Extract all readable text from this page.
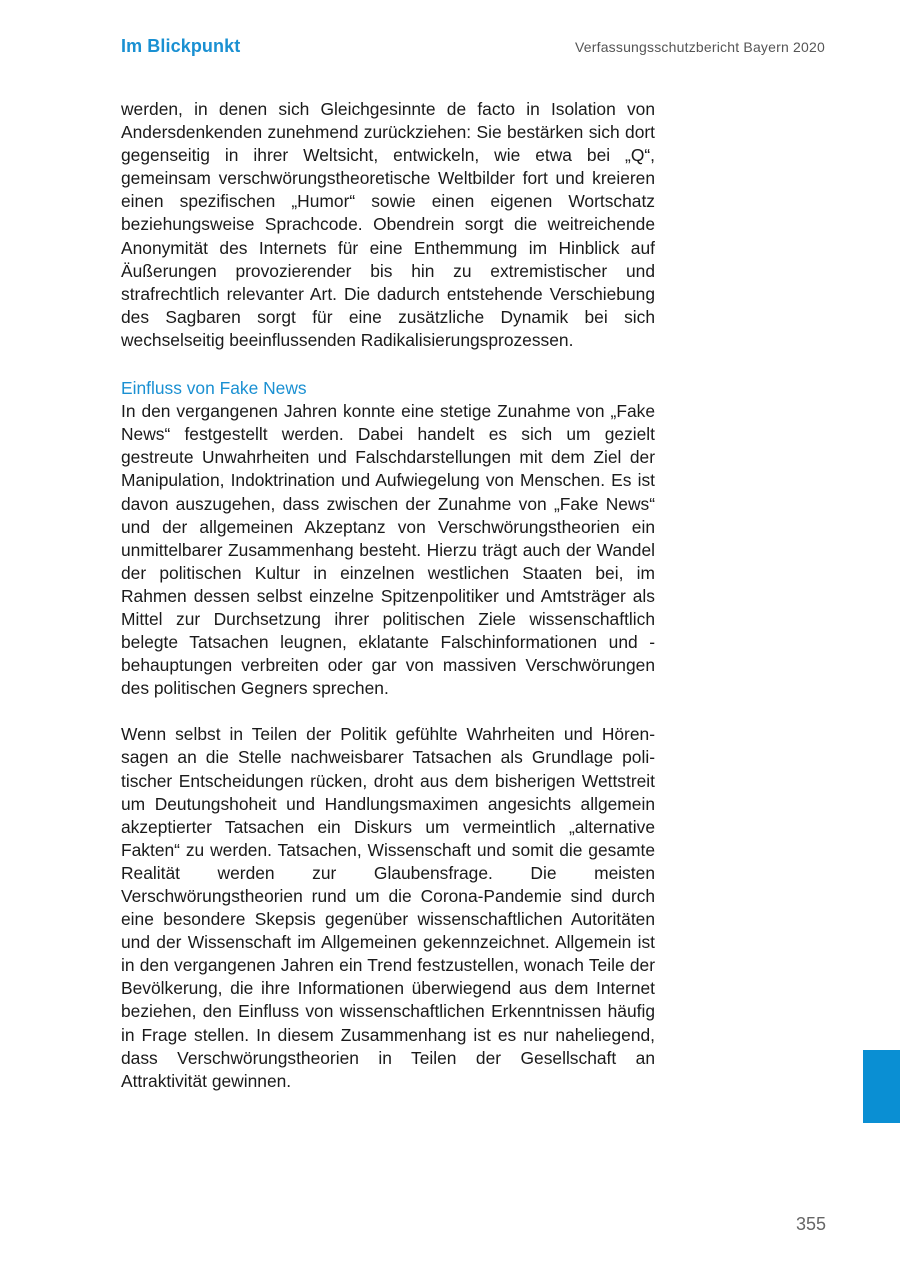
Im Blickpunkt	Verfassungsschutzbericht Bayern 2020

werden, in denen sich Gleichgesinnte de facto in Isolation von Andersdenkenden zunehmend zurückziehen: Sie bestärken sich dort gegenseitig in ihrer Weltsicht, entwickeln, wie etwa bei „Q“, gemeinsam verschwörungstheoretische Weltbilder fort und kreieren einen spezifischen „Humor“ sowie einen eigenen Wortschatz beziehungsweise Sprachcode. Obendrein sorgt die weitreichende Anonymität des Internets für eine Enthemmung im Hinblick auf Äußerungen provozierender bis hin zu extremistischer und strafrechtlich relevanter Art. Die dadurch entstehende Verschiebung des Sagbaren sorgt für eine zusätzliche Dynamik bei sich wechselseitig beeinflussenden Radikalisierungsprozessen.

Einfluss von Fake News

In den vergangenen Jahren konnte eine stetige Zunahme von „Fake News“ festgestellt werden. Dabei handelt es sich um gezielt gestreute Unwahrheiten und Falschdarstellungen mit dem Ziel der Manipulation, Indoktrination und Aufwiegelung von Menschen. Es ist davon auszugehen, dass zwischen der Zunahme von „Fake News“ und der allgemeinen Akzeptanz von Verschwörungstheorien ein unmittelbarer Zusammenhang besteht. Hierzu trägt auch der Wandel der politischen Kultur in einzelnen westlichen Staaten bei, im Rahmen dessen selbst einzelne Spitzenpolitiker und Amtsträger als Mittel zur Durchsetzung ihrer politischen Ziele wissenschaftlich belegte Tatsachen leugnen, eklatante Falschinformationen und -behauptungen verbreiten oder gar von massiven Verschwörungen des politischen Gegners sprechen.

Wenn selbst in Teilen der Politik gefühlte Wahrheiten und Hörensagen an die Stelle nachweisbarer Tatsachen als Grundlage politischer Entscheidungen rücken, droht aus dem bisherigen Wettstreit um Deutungshoheit und Handlungsmaximen angesichts allgemein akzeptierter Tatsachen ein Diskurs um vermeintlich „alternative Fakten“ zu werden. Tatsachen, Wissenschaft und somit die gesamte Realität werden zur Glaubensfrage. Die meisten Verschwörungstheorien rund um die Corona-Pandemie sind durch eine besondere Skepsis gegenüber wissenschaftlichen Autoritäten und der Wissenschaft im Allgemeinen gekennzeichnet. Allgemein ist in den vergangenen Jahren ein Trend festzustellen, wonach Teile der Bevölkerung, die ihre Informationen überwiegend aus dem Internet beziehen, den Einfluss von wissenschaftlichen Erkenntnissen häufig in Frage stellen. In diesem Zusammenhang ist es nur naheliegend, dass Verschwörungstheorien in Teilen der Gesellschaft an Attraktivität gewinnen.

355
